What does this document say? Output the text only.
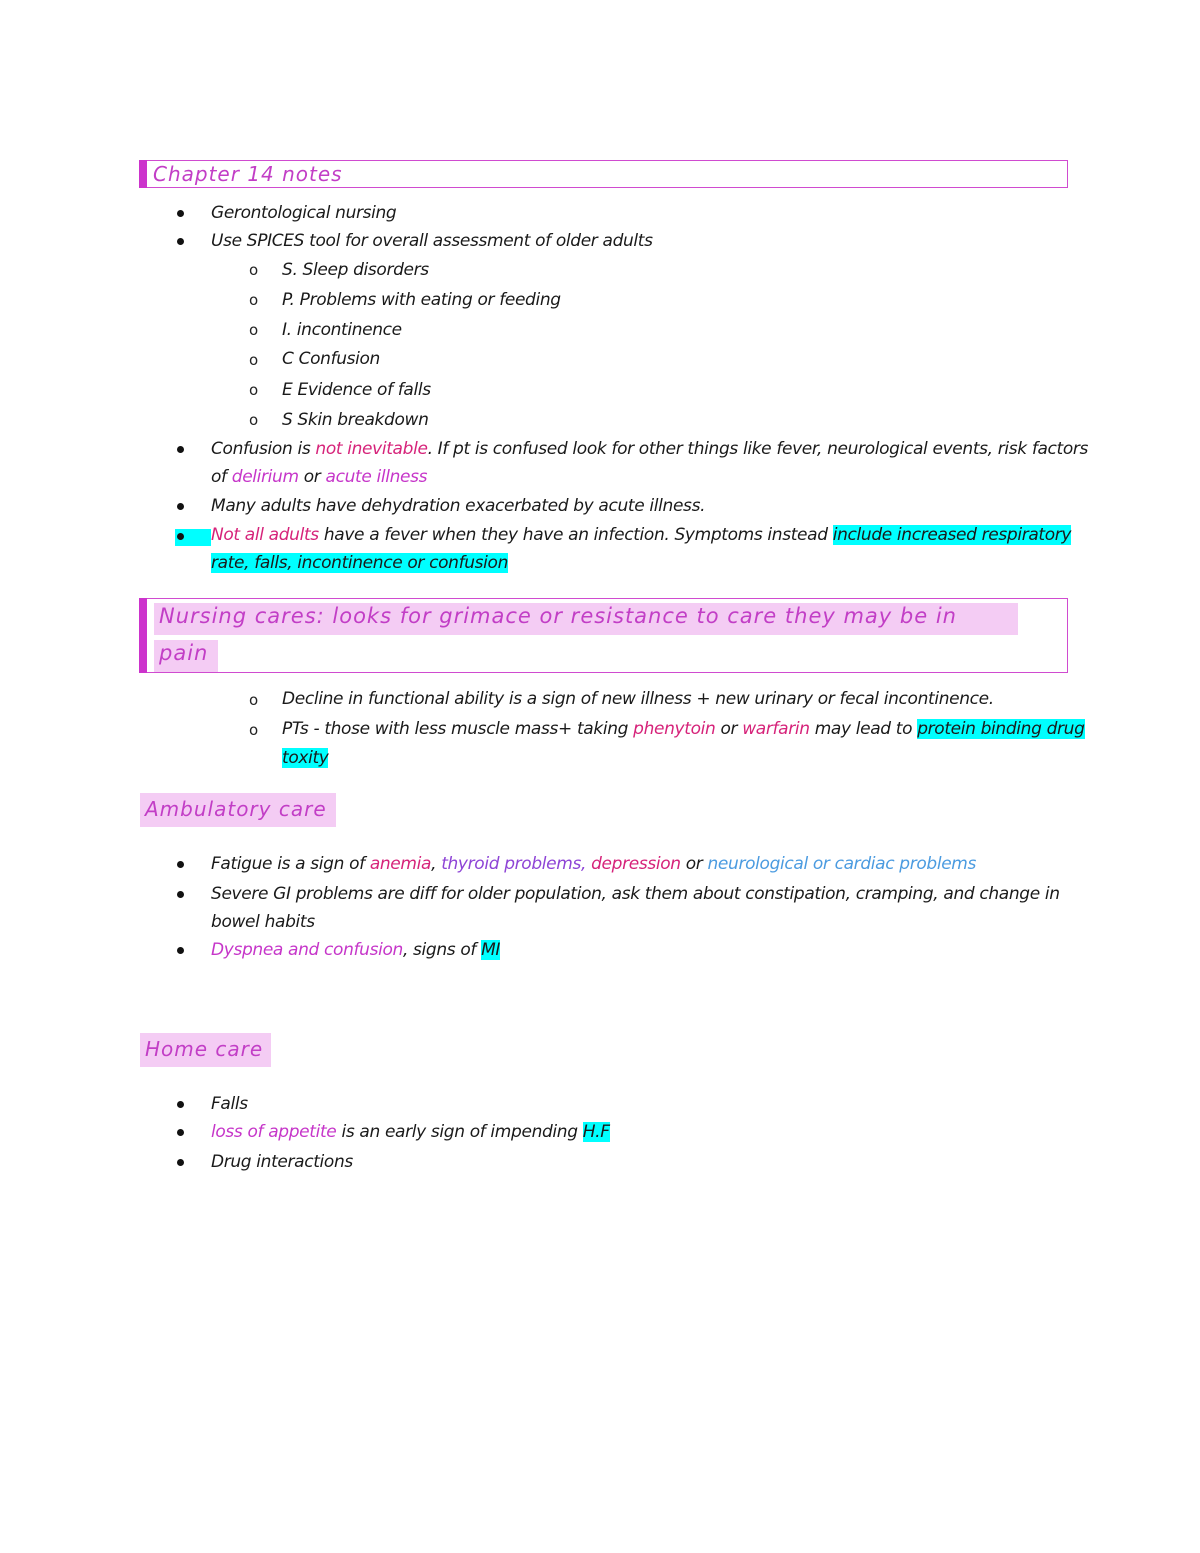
Chapter 14 notes
Gerontological nursing
Use SPICES tool for overall assessment of older adults
o S. Sleep disorders
o P. Problems with eating or feeding
o I. incontinence
o C Confusion
o E Evidence of falls
o S Skin breakdown
Confusion is not inevitable. If pt is confused look for other things like fever, neurological events, risk factors
of delirium or acute illness
Many adults have dehydration exacerbated by acute illness.
Not all adults have a fever when they have an infection. Symptoms instead include increased respiratory
rate, falls, incontinence or confusion
Nursing cares: looks for grimace or resistance to care they may be in
pain
o Decline in functional ability is a sign of new illness + new urinary or fecal incontinence.
o PTs - those with less muscle mass+ taking phenytoin or warfarin may lead to protein binding drug
toxity
Ambulatory care
Fatigue is a sign of anemia, thyroid problems, depression or neurological or cardiac problems
Severe GI problems are diff for older population, ask them about constipation, cramping, and change in
bowel habits
Dyspnea and confusion, signs of MI
Home care
Falls
loss of appetite is an early sign of impending H.F
Drug interactions
